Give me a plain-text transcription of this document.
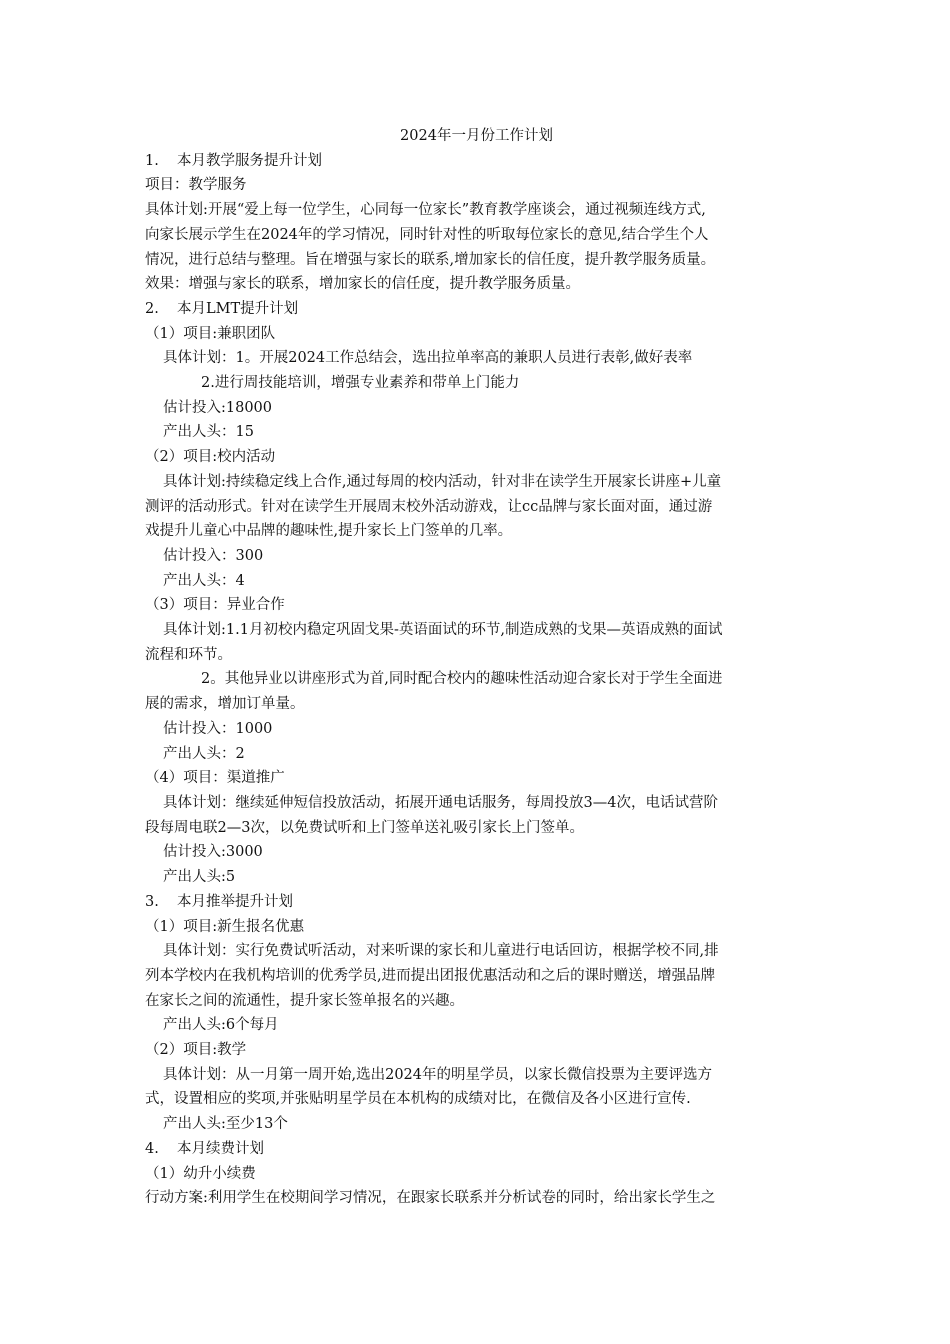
2024年一月份工作计划
1. 本月教学服务提升计划
项目：教学服务
具体计划:开展“爱上每一位学生，心同每一位家长”教育教学座谈会，通过视频连线方式,
向家长展示学生在2024年的学习情况，同时针对性的听取每位家长的意见,结合学生个人
情况，进行总结与整理。旨在增强与家长的联系,增加家长的信任度，提升教学服务质量。
效果：增强与家长的联系，增加家长的信任度，提升教学服务质量。
2. 本月LMT提升计划
（1）项目:兼职团队
具体计划：1。开展2024工作总结会，选出拉单率高的兼职人员进行表彰,做好表率
2.进行周技能培训，增强专业素养和带单上门能力
估计投入:18000
产出人头：15
（2）项目:校内活动
具体计划:持续稳定线上合作,通过每周的校内活动，针对非在读学生开展家长讲座+儿童
测评的活动形式。针对在读学生开展周末校外活动游戏，让cc品牌与家长面对面，通过游
戏提升儿童心中品牌的趣味性,提升家长上门签单的几率。
估计投入：300
产出人头：4
（3）项目：异业合作
具体计划:1.1月初校内稳定巩固戈果-英语面试的环节,制造成熟的戈果—英语成熟的面试
流程和环节。
2。其他异业以讲座形式为首,同时配合校内的趣味性活动迎合家长对于学生全面进
展的需求，增加订单量。
估计投入：1000
产出人头：2
（4）项目：渠道推广
具体计划：继续延伸短信投放活动，拓展开通电话服务，每周投放3—4次，电话试营阶
段每周电联2—3次，以免费试听和上门签单送礼吸引家长上门签单。
估计投入:3000
产出人头:5
3. 本月推举提升计划
（1）项目:新生报名优惠
具体计划：实行免费试听活动，对来听课的家长和儿童进行电话回访，根据学校不同,排
列本学校内在我机构培训的优秀学员,进而提出团报优惠活动和之后的课时赠送，增强品牌
在家长之间的流通性，提升家长签单报名的兴趣。
产出人头:6个每月
（2）项目:教学
具体计划：从一月第一周开始,选出2024年的明星学员，以家长微信投票为主要评选方
式，设置相应的奖项,并张贴明星学员在本机构的成绩对比，在微信及各小区进行宣传.
产出人头:至少13个
4. 本月续费计划
（1）幼升小续费
行动方案:利用学生在校期间学习情况，在跟家长联系并分析试卷的同时，给出家长学生之
